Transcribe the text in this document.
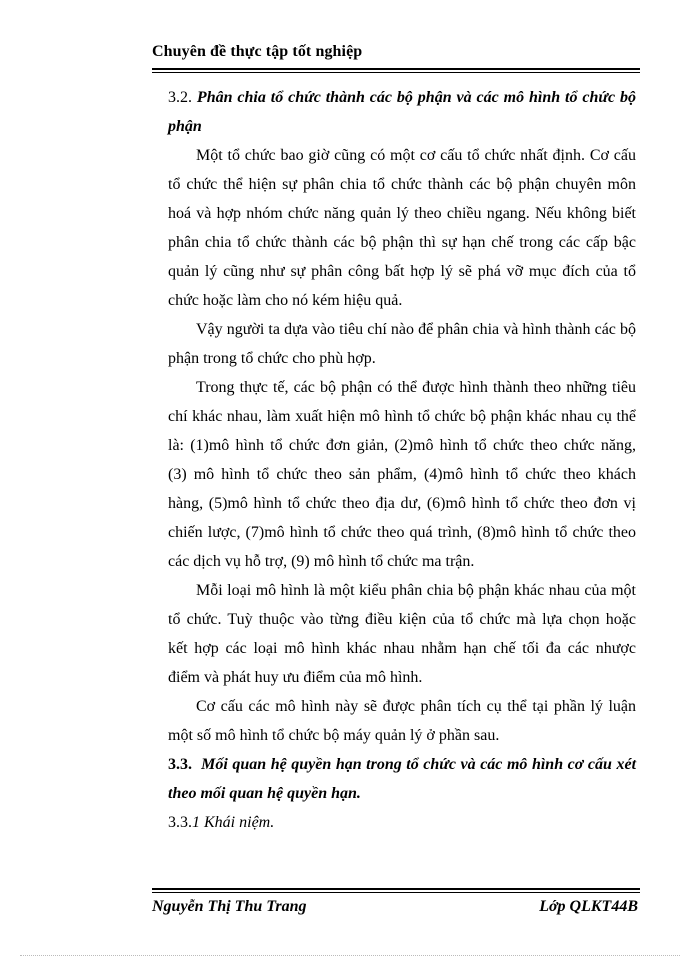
Chuyên đề thực tập tốt nghiệp
3.2. Phân chia tổ chức thành các bộ phận và các mô hình tổ chức bộ
phận
Một tổ chức bao giờ cũng có một cơ cấu tổ chức nhất định. Cơ cấu
tổ chức thể hiện sự phân chia tổ chức thành các bộ phận chuyên môn
hoá và hợp nhóm chức năng quản lý theo chiều ngang. Nếu không biết
phân chia tổ chức thành các bộ phận thì sự hạn chế trong các cấp bậc
quản lý cũng như sự phân công bất hợp lý sẽ phá vỡ mục đích của tổ
chức hoặc làm cho nó kém hiệu quả.
Vậy người ta dựa vào tiêu chí nào để phân chia và hình thành các bộ
phận trong tổ chức cho phù hợp.
Trong thực tế, các bộ phận có thể được hình thành theo những tiêu
chí khác nhau, làm xuất hiện mô hình tổ chức bộ phận khác nhau cụ thể
là: (1)mô hình tổ chức đơn giản, (2)mô hình tổ chức theo chức năng,
(3) mô hình tổ chức theo sản phẩm, (4)mô hình tổ chức theo khách
hàng, (5)mô hình tổ chức theo địa dư, (6)mô hình tổ chức theo đơn vị
chiến lược, (7)mô hình tổ chức theo quá trình, (8)mô hình tổ chức theo
các dịch vụ hỗ trợ, (9) mô hình tổ chức ma trận.
Mỗi loại mô hình là một kiểu phân chia bộ phận khác nhau của một
tổ chức. Tuỳ thuộc vào từng điều kiện của tổ chức mà lựa chọn hoặc
kết hợp các loại mô hình khác nhau nhằm hạn chế tối đa các nhược
điểm và phát huy ưu điểm của mô hình.
Cơ cấu các mô hình này sẽ được phân tích cụ thể tại phần lý luận
một số mô hình tổ chức bộ máy quản lý ở phần sau.
3.3. Mối quan hệ quyền hạn trong tổ chức và các mô hình cơ cấu xét
theo mối quan hệ quyền hạn.
3.3.1 Khái niệm.
Nguyễn Thị Thu Trang	Lớp QLKT44B
